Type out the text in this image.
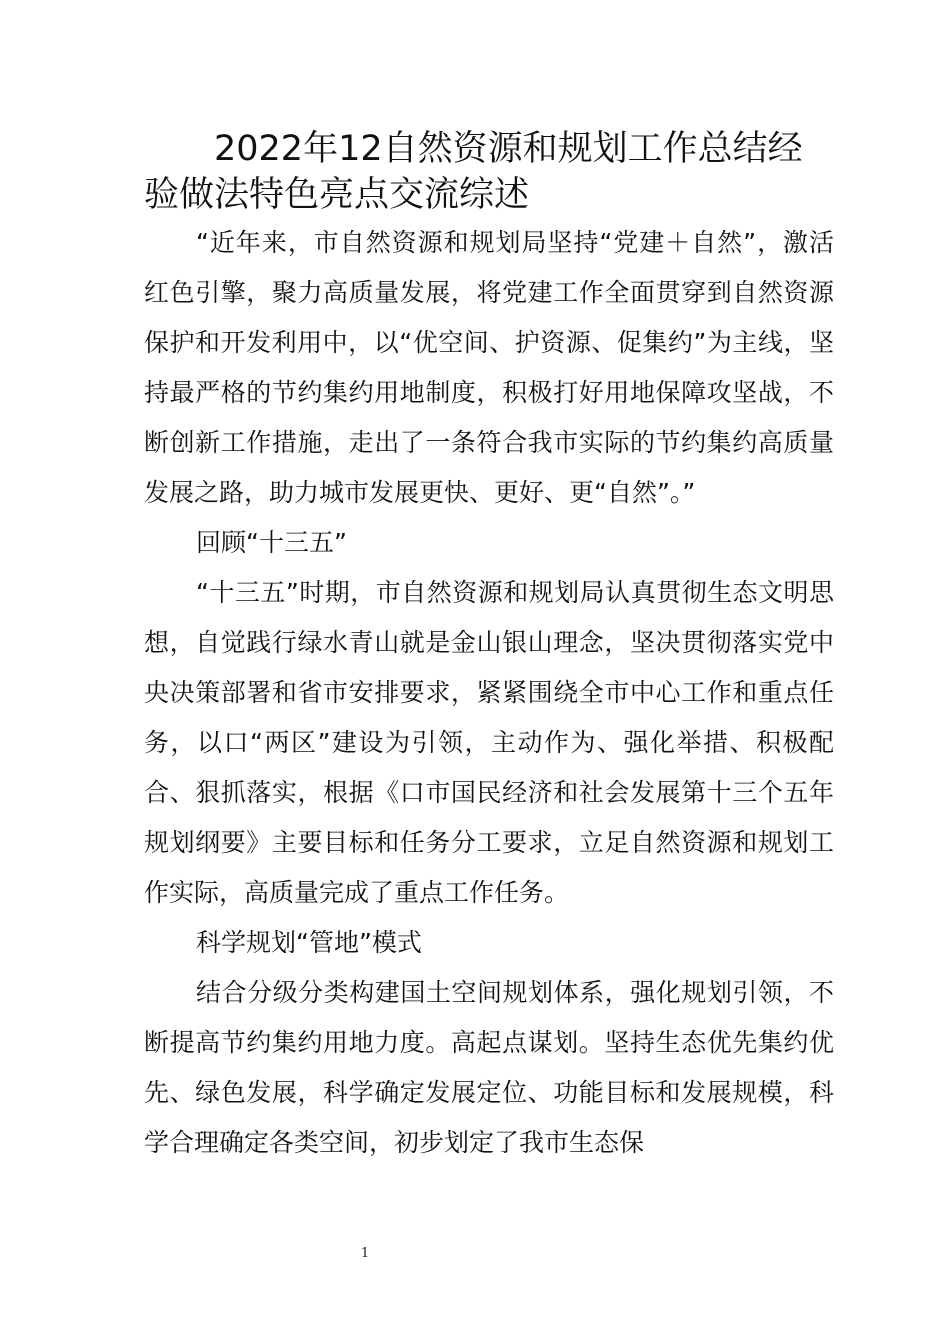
2022年12自然资源和规划工作总结经验做法特色亮点交流综述

“近年来，市自然资源和规划局坚持“党建＋自然”，激活红色引擎，聚力高质量发展，将党建工作全面贯穿到自然资源保护和开发利用中，以“优空间、护资源、促集约”为主线，坚持最严格的节约集约用地制度，积极打好用地保障攻坚战，不断创新工作措施，走出了一条符合我市实际的节约集约高质量发展之路，助力城市发展更快、更好、更“自然”。”

回顾“十三五”

“十三五”时期，市自然资源和规划局认真贯彻生态文明思想，自觉践行绿水青山就是金山银山理念，坚决贯彻落实党中央决策部署和省市安排要求，紧紧围绕全市中心工作和重点任务，以口“两区”建设为引领，主动作为、强化举措、积极配合、狠抓落实，根据《口市国民经济和社会发展第十三个五年规划纲要》主要目标和任务分工要求，立足自然资源和规划工作实际，高质量完成了重点工作任务。

科学规划“管地”模式

结合分级分类构建国土空间规划体系，强化规划引领，不断提高节约集约用地力度。高起点谋划。坚持生态优先集约优先、绿色发展，科学确定发展定位、功能目标和发展规模，科学合理确定各类空间，初步划定了我市生态保

1
